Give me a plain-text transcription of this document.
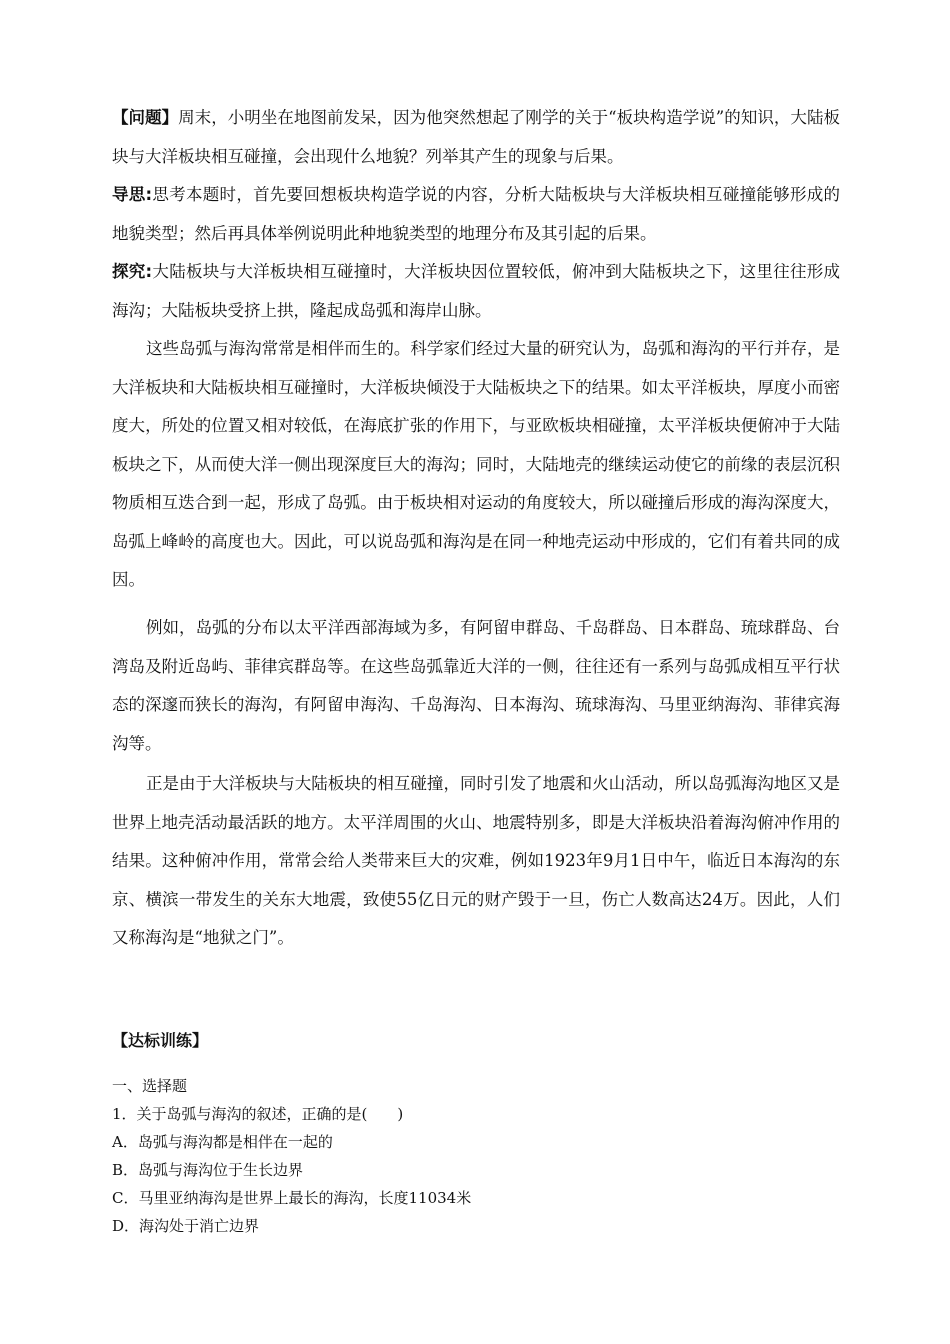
【问题】周末，小明坐在地图前发呆，因为他突然想起了刚学的关于“板块构造学说”的知识，大陆板块与大洋板块相互碰撞，会出现什么地貌？列举其产生的现象与后果。

导思:思考本题时，首先要回想板块构造学说的内容，分析大陆板块与大洋板块相互碰撞能够形成的地貌类型；然后再具体举例说明此种地貌类型的地理分布及其引起的后果。

探究:大陆板块与大洋板块相互碰撞时，大洋板块因位置较低，俯冲到大陆板块之下，这里往往形成海沟；大陆板块受挤上拱，隆起成岛弧和海岸山脉。

这些岛弧与海沟常常是相伴而生的。科学家们经过大量的研究认为，岛弧和海沟的平行并存，是大洋板块和大陆板块相互碰撞时，大洋板块倾没于大陆板块之下的结果。如太平洋板块，厚度小而密度大，所处的位置又相对较低，在海底扩张的作用下，与亚欧板块相碰撞，太平洋板块便俯冲于大陆板块之下，从而使大洋一侧出现深度巨大的海沟；同时，大陆地壳的继续运动使它的前缘的表层沉积物质相互迭合到一起，形成了岛弧。由于板块相对运动的角度较大，所以碰撞后形成的海沟深度大，岛弧上峰岭的高度也大。因此，可以说岛弧和海沟是在同一种地壳运动中形成的，它们有着共同的成因。

例如，岛弧的分布以太平洋西部海域为多，有阿留申群岛、千岛群岛、日本群岛、琉球群岛、台湾岛及附近岛屿、菲律宾群岛等。在这些岛弧靠近大洋的一侧，往往还有一系列与岛弧成相互平行状态的深邃而狭长的海沟，有阿留申海沟、千岛海沟、日本海沟、琉球海沟、马里亚纳海沟、菲律宾海沟等。

正是由于大洋板块与大陆板块的相互碰撞，同时引发了地震和火山活动，所以岛弧海沟地区又是世界上地壳活动最活跃的地方。太平洋周围的火山、地震特别多，即是大洋板块沿着海沟俯冲作用的结果。这种俯冲作用，常常会给人类带来巨大的灾难，例如1923年9月1日中午，临近日本海沟的东京、横滨一带发生的关东大地震，致使55亿日元的财产毁于一旦，伤亡人数高达24万。因此，人们又称海沟是“地狱之门”。

【达标训练】
一、选择题
1．关于岛弧与海沟的叙述，正确的是(　　)
A．岛弧与海沟都是相伴在一起的
B．岛弧与海沟位于生长边界
C．马里亚纳海沟是世界上最长的海沟，长度11034米
D．海沟处于消亡边界
